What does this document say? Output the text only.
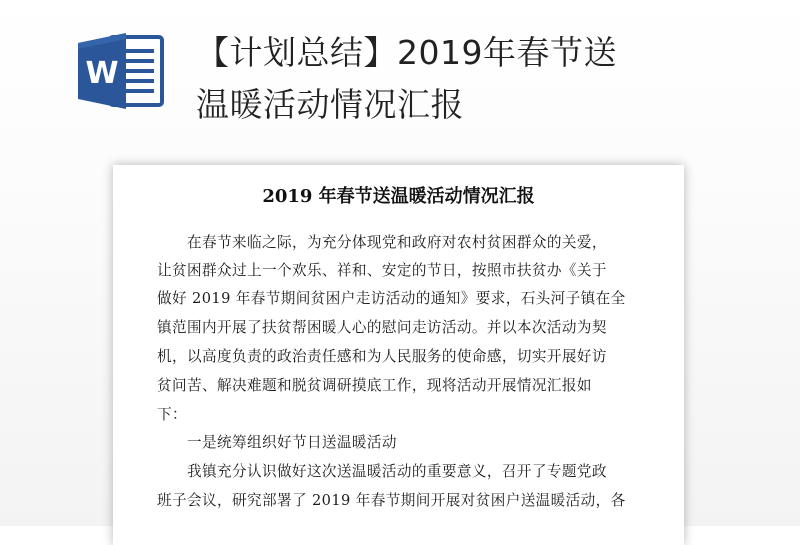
W
【计划总结】2019年春节送
温暖活动情况汇报
2019 年春节送温暖活动情况汇报
　　在春节来临之际，为充分体现党和政府对农村贫困群众的关爱，
让贫困群众过上一个欢乐、祥和、安定的节日，按照市扶贫办《关于
做好 2019 年春节期间贫困户走访活动的通知》要求，石头河子镇在全
镇范围内开展了扶贫帮困暖人心的慰问走访活动。并以本次活动为契
机，以高度负责的政治责任感和为人民服务的使命感，切实开展好访
贫问苦、解决难题和脱贫调研摸底工作，现将活动开展情况汇报如
下：
　　一是统筹组织好节日送温暖活动
　　我镇充分认识做好这次送温暖活动的重要意义，召开了专题党政
班子会议，研究部署了 2019 年春节期间开展对贫困户送温暖活动，各
